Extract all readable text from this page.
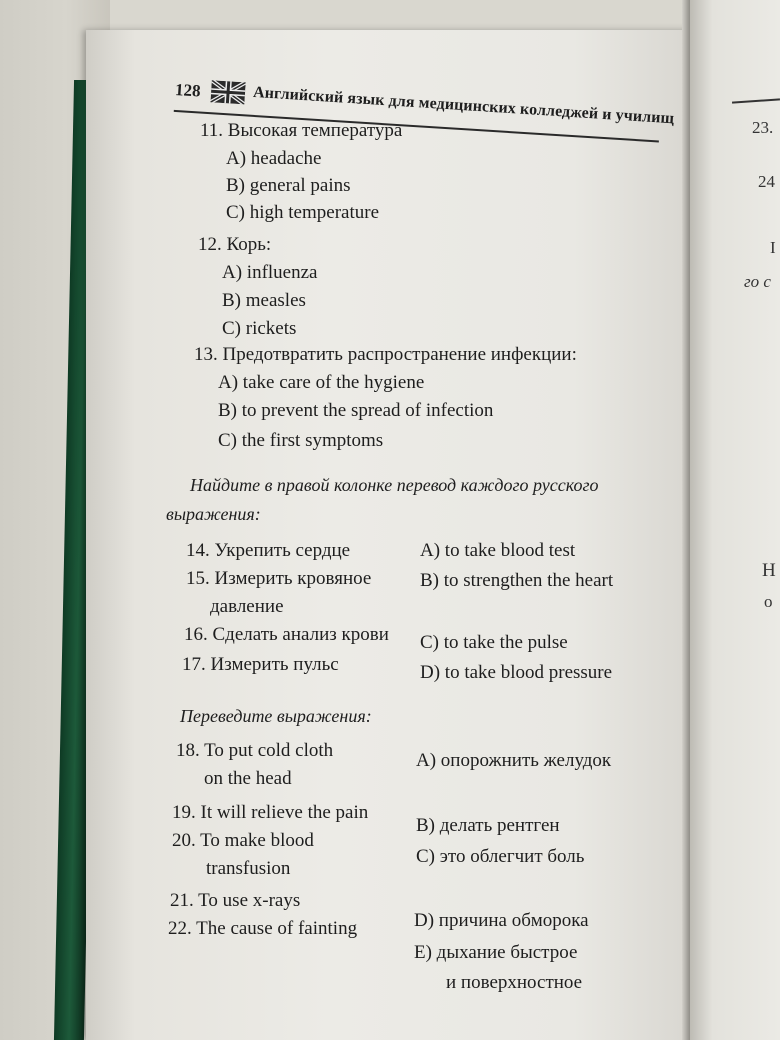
23.
24
I
го с
Н
о
128	Английский язык для медицинских колледжей и училищ
11. Высокая температура
A) headache
B) general pains
C) high temperature
12. Корь:
A) influenza
B) measles
C) rickets
13. Предотвратить распространение инфекции:
A) take care of the hygiene
B) to prevent the spread of infection
C) the first symptoms
Найдите в правой колонке перевод каждого русского
выражения:
14. Укрепить сердце
15. Измерить кровяное
давление
16. Сделать анализ крови
17. Измерить пульс
A) to take blood test
B) to strengthen the heart
C) to take the pulse
D) to take blood pressure
Переведите выражения:
18. To put cold cloth
on the head
19. It will relieve the pain
20. To make blood
transfusion
21. To use x-rays
22. The cause of fainting
A) опорожнить желудок
B) делать рентген
C) это облегчит боль
D) причина обморока
E) дыхание быстрое
и поверхностное
